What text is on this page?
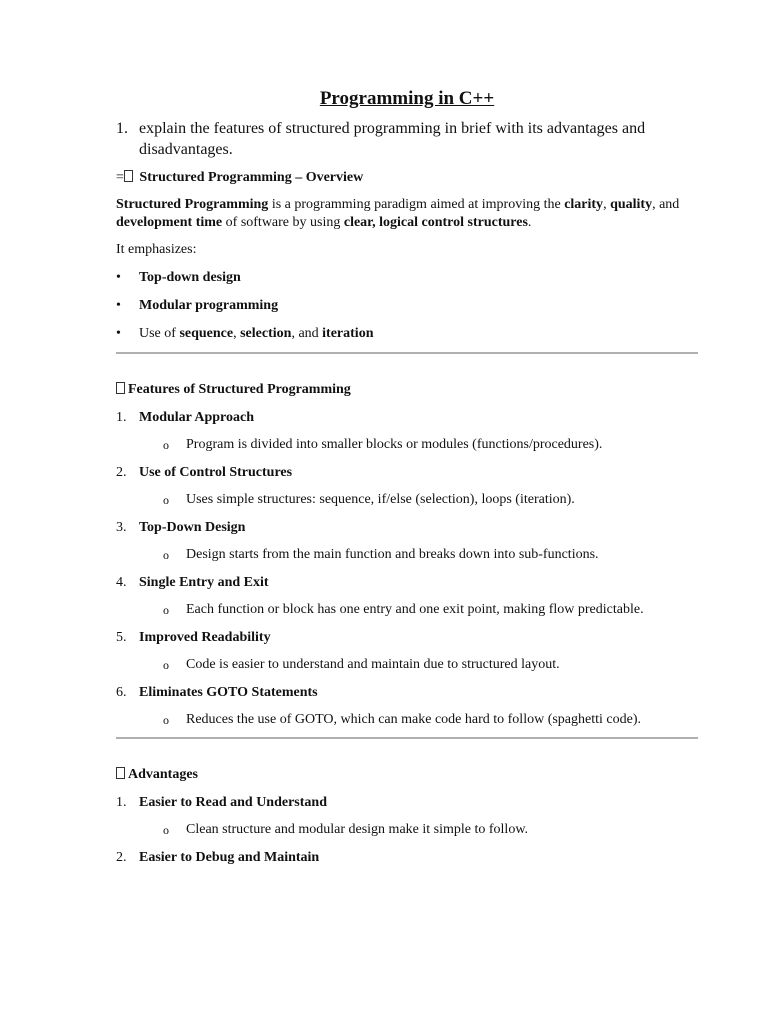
Programming in C++
1. explain the features of structured programming in brief with its advantages and disadvantages.
= Structured Programming – Overview

Structured Programming is a programming paradigm aimed at improving the clarity, quality, and development time of software by using clear, logical control structures.

It emphasizes:

•	Top-down design
•	Modular programming
•	Use of sequence, selection, and iteration
Features of Structured Programming
1. Modular Approach
o	Program is divided into smaller blocks or modules (functions/procedures).
2. Use of Control Structures
o	Uses simple structures: sequence, if/else (selection), loops (iteration).
3. Top-Down Design
o	Design starts from the main function and breaks down into sub-functions.
4. Single Entry and Exit
o	Each function or block has one entry and one exit point, making flow predictable.
5. Improved Readability
o	Code is easier to understand and maintain due to structured layout.
6. Eliminates GOTO Statements
o	Reduces the use of GOTO, which can make code hard to follow (spaghetti code).
Advantages
1. Easier to Read and Understand
o	Clean structure and modular design make it simple to follow.
2. Easier to Debug and Maintain
